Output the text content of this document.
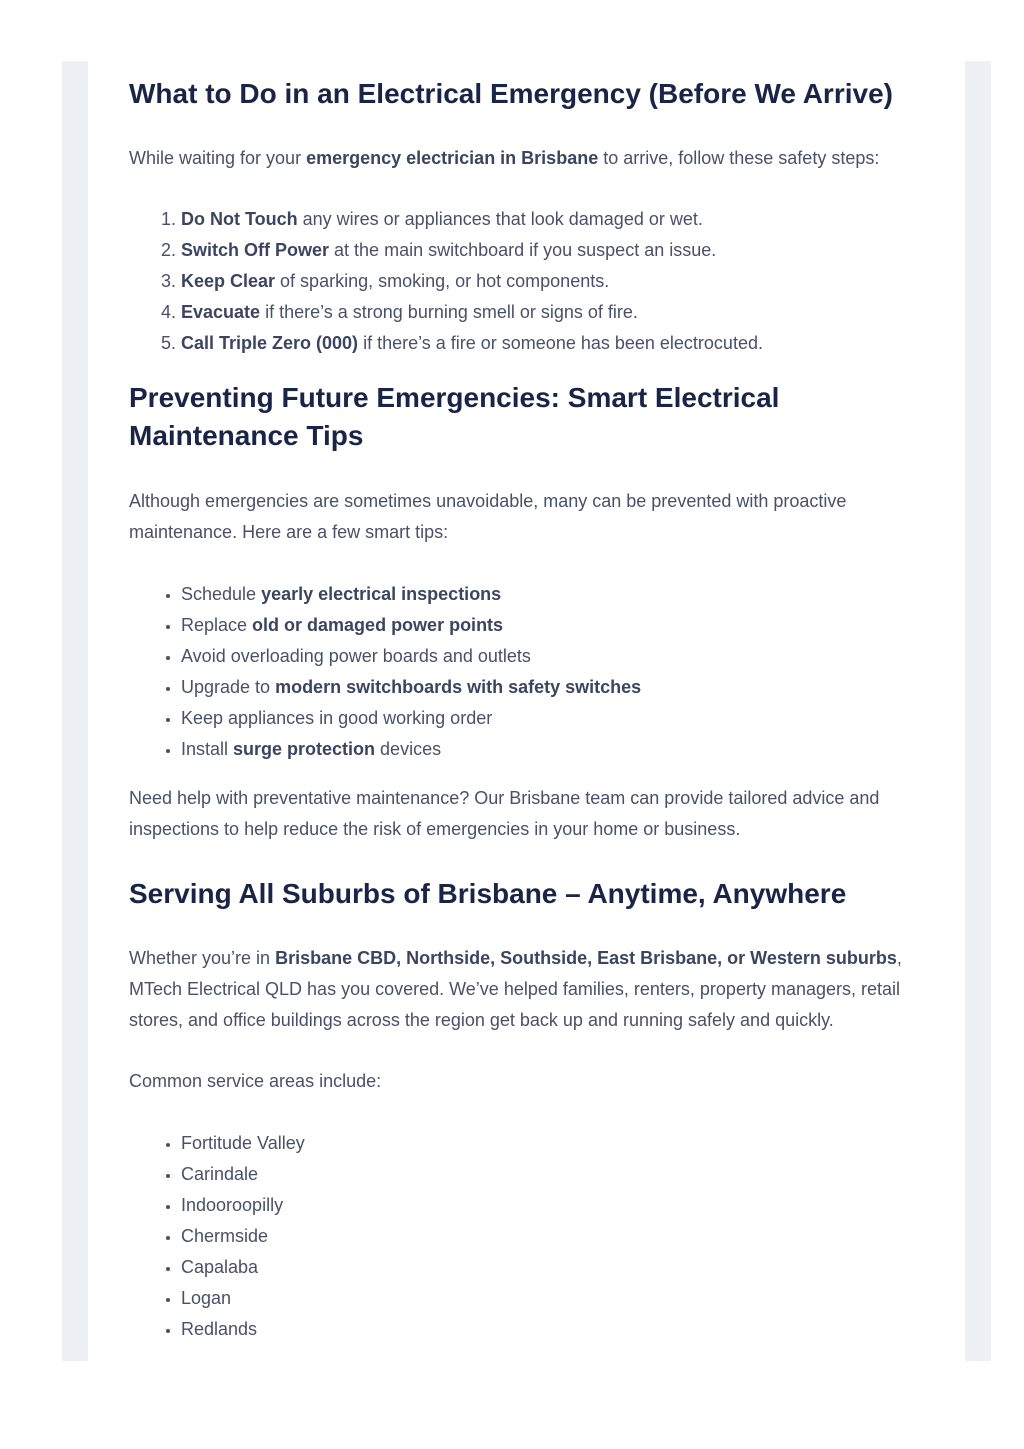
What to Do in an Electrical Emergency (Before We Arrive)

While waiting for your emergency electrician in Brisbane to arrive, follow these safety steps:

1. Do Not Touch any wires or appliances that look damaged or wet.
2. Switch Off Power at the main switchboard if you suspect an issue.
3. Keep Clear of sparking, smoking, or hot components.
4. Evacuate if there’s a strong burning smell or signs of fire.
5. Call Triple Zero (000) if there’s a fire or someone has been electrocuted.
Preventing Future Emergencies: Smart Electrical Maintenance Tips

Although emergencies are sometimes unavoidable, many can be prevented with proactive maintenance. Here are a few smart tips:

• Schedule yearly electrical inspections
• Replace old or damaged power points
• Avoid overloading power boards and outlets
• Upgrade to modern switchboards with safety switches
• Keep appliances in good working order
• Install surge protection devices

Need help with preventative maintenance? Our Brisbane team can provide tailored advice and inspections to help reduce the risk of emergencies in your home or business.

Serving All Suburbs of Brisbane – Anytime, Anywhere

Whether you’re in Brisbane CBD, Northside, Southside, East Brisbane, or Western suburbs, MTech Electrical QLD has you covered. We’ve helped families, renters, property managers, retail stores, and office buildings across the region get back up and running safely and quickly.

Common service areas include:

• Fortitude Valley
• Carindale
• Indooroopilly
• Chermside
• Capalaba
• Logan
• Redlands
